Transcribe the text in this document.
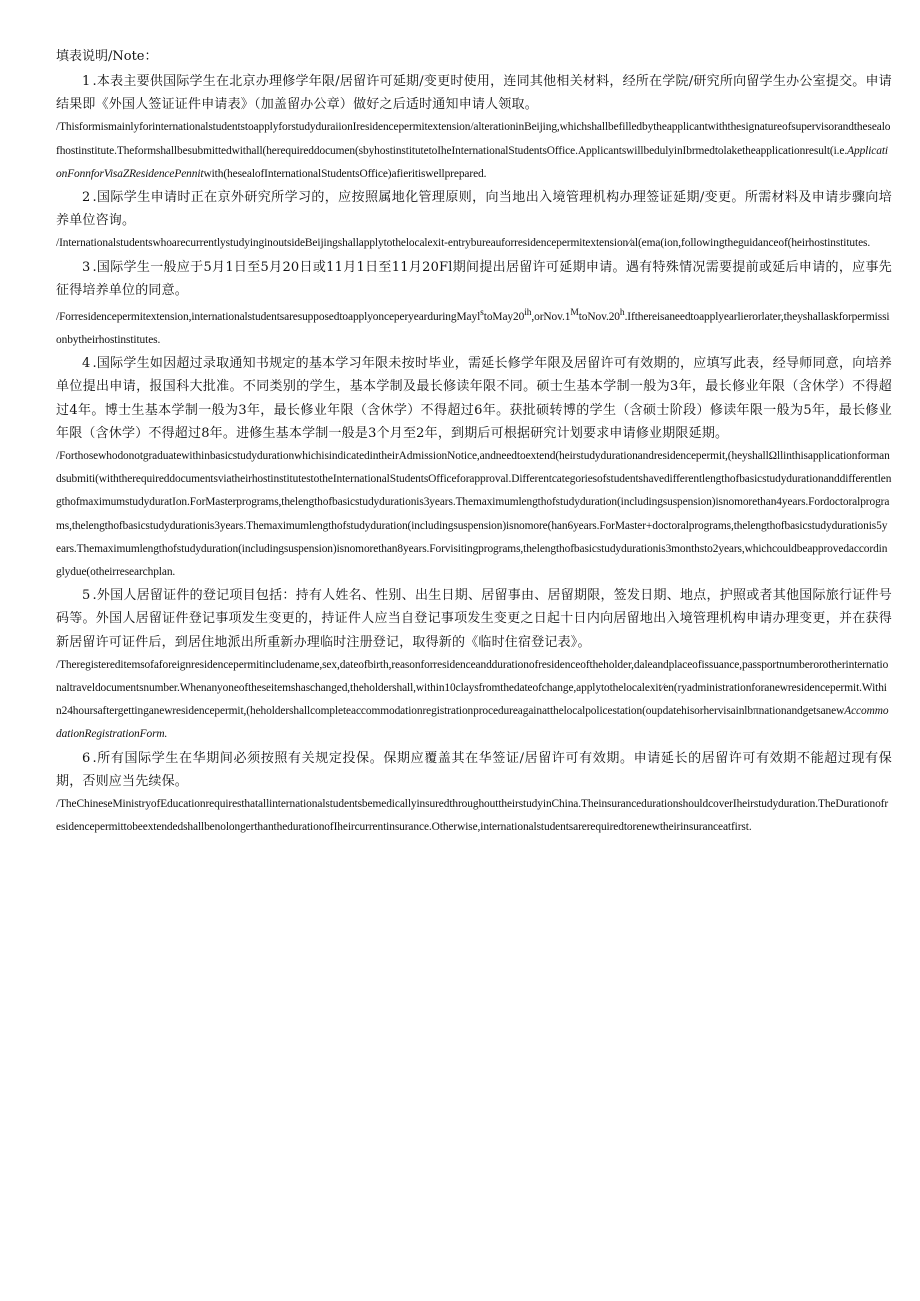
填表说明/Note：

1 .本表主要供国际学生在北京办理修学年限/居留许可延期/变更时使用，连同其他相关材料，经所在学院/研究所向留学生办公室提交。申请结果即《外国人签证证件申请表》（加盖留办公章）做好之后适时通知申请人领取。

/ThisformismainlyforinternationalstudentstoapplyforstudyduraiionIresidencepermitextension/alterationinBeijing,whichshallbefilledbytheapplicantwiththesignatureofsupervisorandthesealofhostinstitute.Theformshallbesubmittedwithall(herequireddocumen(sbyhostinstitutetoIheInternationalStudentsOffice.ApplicantswillbedulyinIbrmedtolaketheapplicationresult(i.e.ApplicationFonnforVisaZResidencePennitwith(hesealofInternationalStudentsOffice)afieritiswellprepared.

2 .国际学生申请时正在京外研究所学习的，应按照属地化管理原则，向当地出入境管理机构办理签证延期/变更。所需材料及申请步骤向培养单位咨询。

/InternationalstudentswhoarecurrentlystudyinginoutsideBeijingshallapplytothelocalexit-entrybureauforresidencepermitextension⁄al(ema(ion,followingtheguidanceof(heirhostinstitutes.

3 .国际学生一般应于5月1日至5月20日或11月1日至11月20Fl期间提出居留许可延期申请。遇有特殊情况需要提前或延后申请的，应事先征得培养单位的同意。

$/Forresidencepermitextension,internationalstudentsaresupposedtoapplyonceperyearduringMayl^stoMay20^{ih},orNov.1^MtoNov.20^h.Ift$hereisaneedtoapplyearlierorlater,theyshallaskforpermissionbytheirhostinstitutes.

4 .国际学生如因超过录取通知书规定的基本学习年限未按时毕业，需延长修学年限及居留许可有效期的，应填写此表，经导师同意，向培养单位提出申请，报国科大批准。不同类别的学生，基本学制及最长修读年限不同。硕士生基本学制一般为3年，最长修业年限（含休学）不得超过4年。博士生基本学制一般为3年，最长修业年限（含休学）不得超过6年。获批硕转博的学生（含硕士阶段）修读年限一般为5年，最长修业年限（含休学）不得超过8年。进修生基本学制一般是3个月至2年，到期后可根据研究计划要求申请修业期限延期。

/ForthosewhodonotgraduatewithinbasicstudydurationwhichisindicatedintheirAdmissionNotice,andneedtoextend(heirstudydurationandresidencepermit,(heyshallΩllinthisapplicationformandsubmiti(withtherequireddocumentsviatheirhostinstitutestotheInternationalStudentsOfficeforapproval.DifferentcategoriesofstudentshavedifferentlengthofbasicstudydurationanddifferentlengthofmaximumstudyduratIon.ForMasterprograms,thelengthofbasicstudydurationis3years.Themaximumlengthofstudyduration(includingsuspension)isnomorethan4years.Fordoctoralprograms,thelengthofbasicstudydurationis3years.Themaximumlengthofstudyduration(includingsuspension)isnomore(han6years.ForMaster+doctoralprograms,thelengthofbasicstudydurationis5years.Themaximumlengthofstudyduration(includingsuspension)isnomorethan8years.Forvisitingprograms,thelengthofbasicstudydurationis3monthsto2years,whichcouldbeapprovedaccordinglydue(otheirresearchplan.

5 .外国人居留证件的登记项目包括：持有人姓名、性别、出生日期、居留事由、居留期限，签发日期、地点，护照或者其他国际旅行证件号码等。外国人居留证件登记事项发生变更的，持证件人应当自登记事项发生变更之日起十日内向居留地出入境管理机构申请办理变更，并在获得新居留许可证件后，到居住地派出所重新办理临时注册登记，取得新的《临时住宿登记表》。

/Theregistereditemsofaforeignresidencepermitincludename,sex,dateofbirth,reasonforresidenceanddurationofresidenceoftheholder,daleandplaceofissuance,passportnumberorotherinternationaltraveldocumentsnumber.Whenanyoneoftheseitemshaschanged,theholdershall,within10claysfromthedateofchange,applytothelocalexit⁄en(ryadministrationforanewresidencepermit.Within24hoursaftergettinganewresidencepermit,(heholdershallcompleteaccommodationregistrationprocedureagainatthelocalpolicestation(oupdatehisorhervisainlbπnationandgetsanewAccommodationRegistrationForm.

6 .所有国际学生在华期间必须按照有关规定投保。保期应覆盖其在华签证/居留许可有效期。申请延长的居留许可有效期不能超过现有保期，否则应当先续保。

/TheChineseMinistryofEducationrequiresthatallinternationalstudentsbemedicallyinsuredthroughouttheirstudyinChina.TheinsurancedurationshouldcoverIheirstudyduration.TheDurationofresidencepermittobeextendedshallbenolongerthanthedurationofIheircurrentinsurance.Otherwise,internationalstudentsarerequiredtorenewtheirinsuranceatfirst.
